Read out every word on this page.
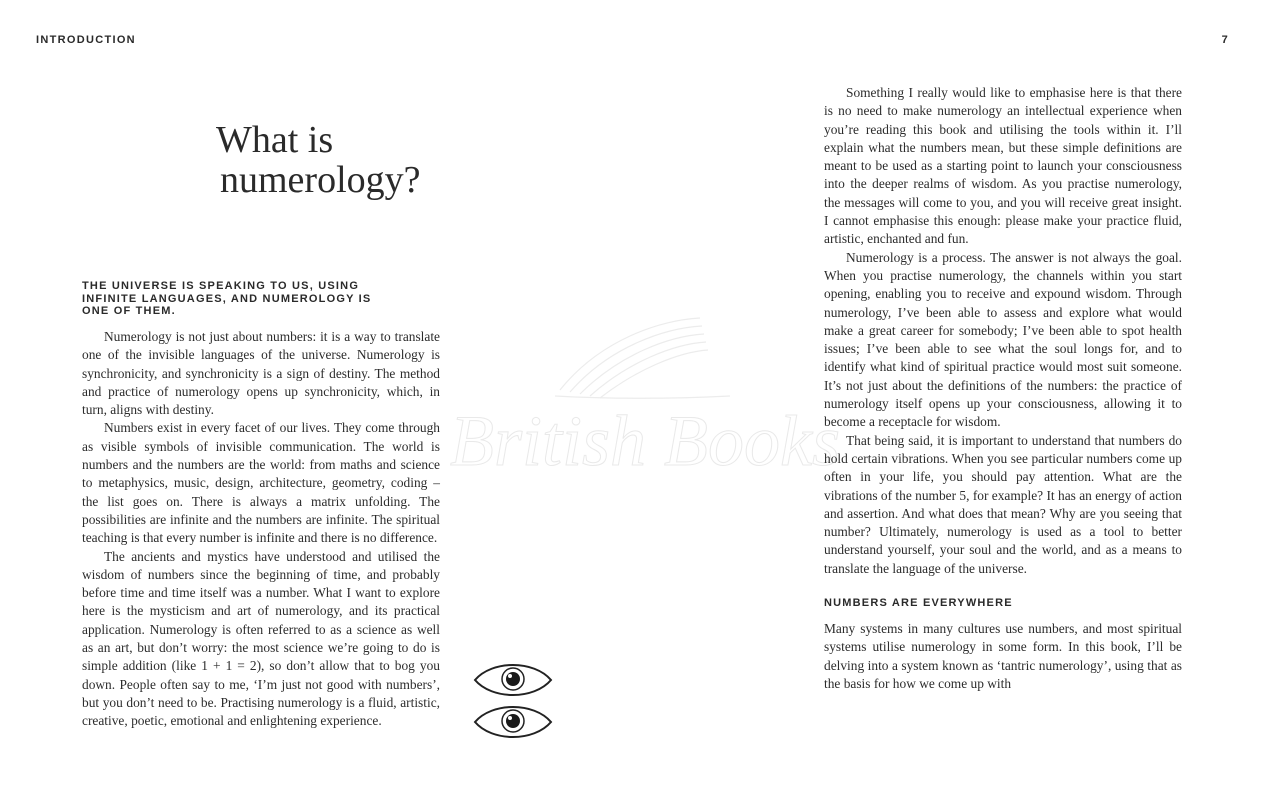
INTRODUCTION	7
What is
numerology?
THE UNIVERSE IS SPEAKING TO US, USING INFINITE LANGUAGES, AND NUMEROLOGY IS ONE OF THEM.

Numerology is not just about numbers: it is a way to translate one of the invisible languages of the universe. Numerology is synchronicity, and synchronicity is a sign of destiny. The method and practice of numerology opens up synchronicity, which, in turn, aligns with destiny.

Numbers exist in every facet of our lives. They come through as visible symbols of invisible communication. The world is numbers and the numbers are the world: from maths and science to metaphysics, music, design, architecture, geometry, coding – the list goes on. There is always a matrix unfolding. The possibilities are infinite and the numbers are infinite. The spiritual teaching is that every number is infinite and there is no difference.

The ancients and mystics have understood and utilised the wisdom of numbers since the beginning of time, and probably before time and time itself was a number. What I want to explore here is the mysticism and art of numerology, and its practical application. Numerology is often referred to as a science as well as an art, but don’t worry: the most science we’re going to do is simple addition (like 1 + 1 = 2), so don’t allow that to bog you down. People often say to me, ‘I’m just not good with numbers’, but you don’t need to be. Practising numerology is a fluid, artistic, creative, poetic, emotional and enlightening experience.

British Books

Something I really would like to emphasise here is that there is no need to make numerology an intellectual experience when you’re reading this book and utilising the tools within it. I’ll explain what the numbers mean, but these simple definitions are meant to be used as a starting point to launch your consciousness into the deeper realms of wisdom. As you practise numerology, the messages will come to you, and you will receive great insight. I cannot emphasise this enough: please make your practice fluid, artistic, enchanted and fun.

Numerology is a process. The answer is not always the goal. When you practise numerology, the channels within you start opening, enabling you to receive and expound wisdom. Through numerology, I’ve been able to assess and explore what would make a great career for somebody; I’ve been able to spot health issues; I’ve been able to see what the soul longs for, and to identify what kind of spiritual practice would most suit someone. It’s not just about the definitions of the numbers: the practice of numerology itself opens up your consciousness, allowing it to become a receptacle for wisdom.

That being said, it is important to understand that numbers do hold certain vibrations. When you see particular numbers come up often in your life, you should pay attention. What are the vibrations of the number 5, for example? It has an energy of action and assertion. And what does that mean? Why are you seeing that number? Ultimately, numerology is used as a tool to better understand yourself, your soul and the world, and as a means to translate the language of the universe.

NUMBERS ARE EVERYWHERE

Many systems in many cultures use numbers, and most spiritual systems utilise numerology in some form. In this book, I’ll be delving into a system known as ‘tantric numerology’, using that as the basis for how we come up with
